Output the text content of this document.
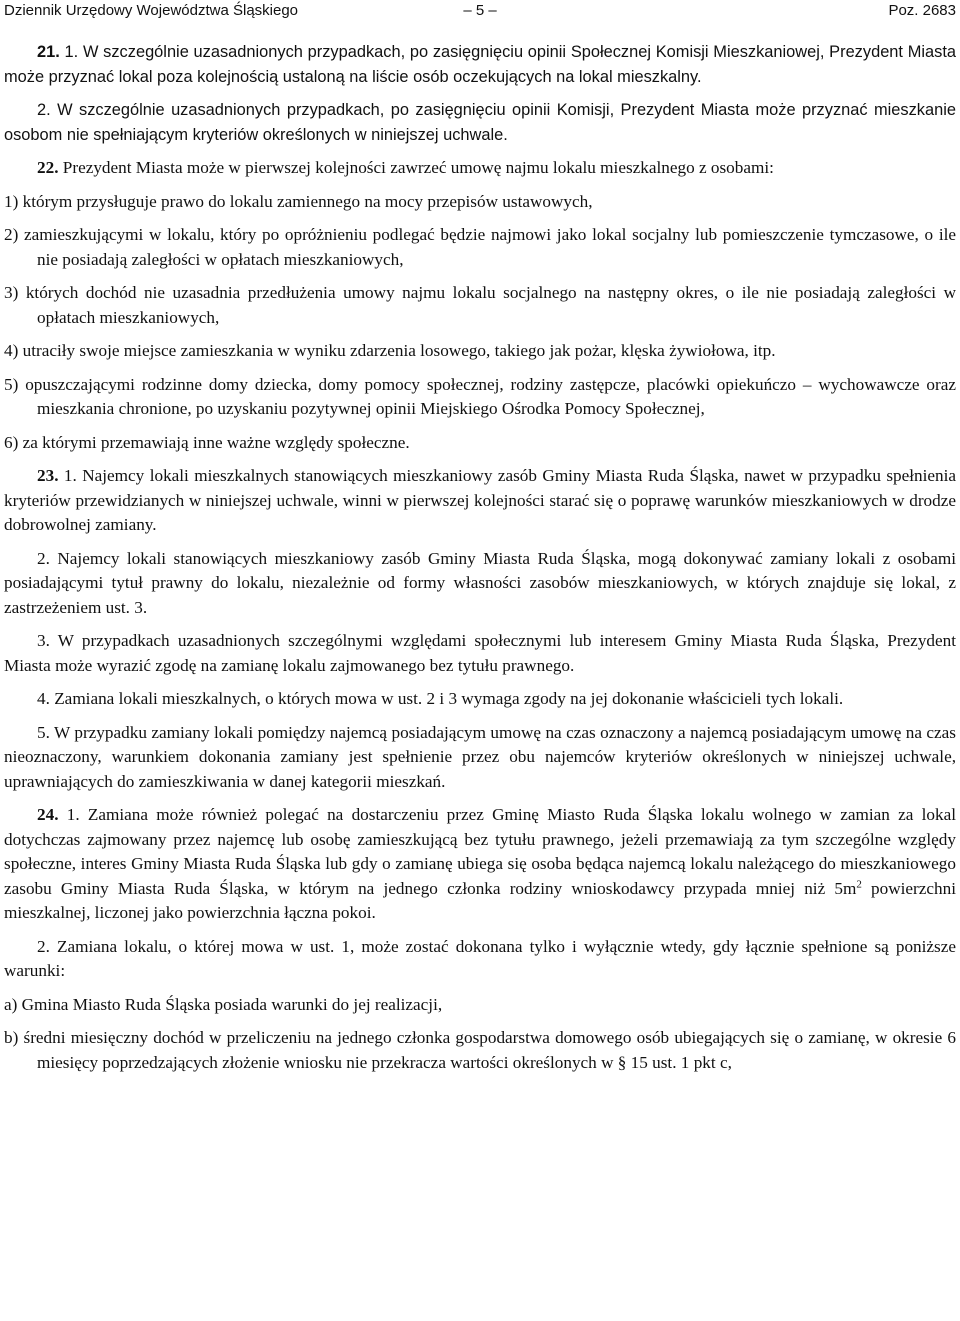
Dziennik Urzędowy Województwa Śląskiego	– 5 –	Poz. 2683

21. 1. W szczególnie uzasadnionych przypadkach, po zasięgnięciu opinii Społecznej Komisji Mieszkaniowej, Prezydent Miasta może przyznać lokal poza kolejnością ustaloną na liście osób oczekujących na lokal mieszkalny.

2. W szczególnie uzasadnionych przypadkach, po zasięgnięciu opinii Komisji, Prezydent Miasta może przyznać mieszkanie osobom nie spełniającym kryteriów określonych w niniejszej uchwale.

22. Prezydent Miasta może w pierwszej kolejności zawrzeć umowę najmu lokalu mieszkalnego z osobami:

1) którym przysługuje prawo do lokalu zamiennego na mocy przepisów ustawowych,

2) zamieszkującymi w lokalu, który po opróżnieniu podlegać będzie najmowi jako lokal socjalny lub pomieszczenie tymczasowe, o ile nie posiadają zaległości w opłatach mieszkaniowych,

3) których dochód nie uzasadnia przedłużenia umowy najmu lokalu socjalnego na następny okres, o ile nie posiadają zaległości w opłatach mieszkaniowych,

4) utraciły swoje miejsce zamieszkania w wyniku zdarzenia losowego, takiego jak pożar, klęska żywiołowa, itp.

5) opuszczającymi rodzinne domy dziecka, domy pomocy społecznej, rodziny zastępcze, placówki opiekuńczo – wychowawcze oraz mieszkania chronione, po uzyskaniu pozytywnej opinii Miejskiego Ośrodka Pomocy Społecznej,

6) za którymi przemawiają inne ważne względy społeczne.

23. 1. Najemcy lokali mieszkalnych stanowiących mieszkaniowy zasób Gminy Miasta Ruda Śląska, nawet w przypadku spełnienia kryteriów przewidzianych w niniejszej uchwale, winni w pierwszej kolejności starać się o poprawę warunków mieszkaniowych w drodze dobrowolnej zamiany.

2. Najemcy lokali stanowiących mieszkaniowy zasób Gminy Miasta Ruda Śląska, mogą dokonywać zamiany lokali z osobami posiadającymi tytuł prawny do lokalu, niezależnie od formy własności zasobów mieszkaniowych, w których znajduje się lokal, z zastrzeżeniem ust. 3.

3. W przypadkach uzasadnionych szczególnymi względami społecznymi lub interesem Gminy Miasta Ruda Śląska, Prezydent Miasta może wyrazić zgodę na zamianę lokalu zajmowanego bez tytułu prawnego.

4. Zamiana lokali mieszkalnych, o których mowa w ust. 2 i 3 wymaga zgody na jej dokonanie właścicieli tych lokali.

5. W przypadku zamiany lokali pomiędzy najemcą posiadającym umowę na czas oznaczony a najemcą posiadającym umowę na czas nieoznaczony, warunkiem dokonania zamiany jest spełnienie przez obu najemców kryteriów określonych w niniejszej uchwale, uprawniających do zamieszkiwania w danej kategorii mieszkań.

24. 1. Zamiana może również polegać na dostarczeniu przez Gminę Miasto Ruda Śląska lokalu wolnego w zamian za lokal dotychczas zajmowany przez najemcę lub osobę zamieszkującą bez tytułu prawnego, jeżeli przemawiają za tym szczególne względy społeczne, interes Gminy Miasta Ruda Śląska lub gdy o zamianę ubiega się osoba będąca najemcą lokalu należącego do mieszkaniowego zasobu Gminy Miasta Ruda Śląska, w którym na jednego członka rodziny wnioskodawcy przypada mniej niż $5m^2$ powierzchni mieszkalnej, liczonej jako powierzchnia łączna pokoi.

2. Zamiana lokalu, o której mowa w ust. 1, może zostać dokonana tylko i wyłącznie wtedy, gdy łącznie spełnione są poniższe warunki:

a) Gmina Miasto Ruda Śląska posiada warunki do jej realizacji,

b) średni miesięczny dochód w przeliczeniu na jednego członka gospodarstwa domowego osób ubiegających się o zamianę, w okresie 6 miesięcy poprzedzających złożenie wniosku nie przekracza wartości określonych w § 15 ust. 1 pkt c,
